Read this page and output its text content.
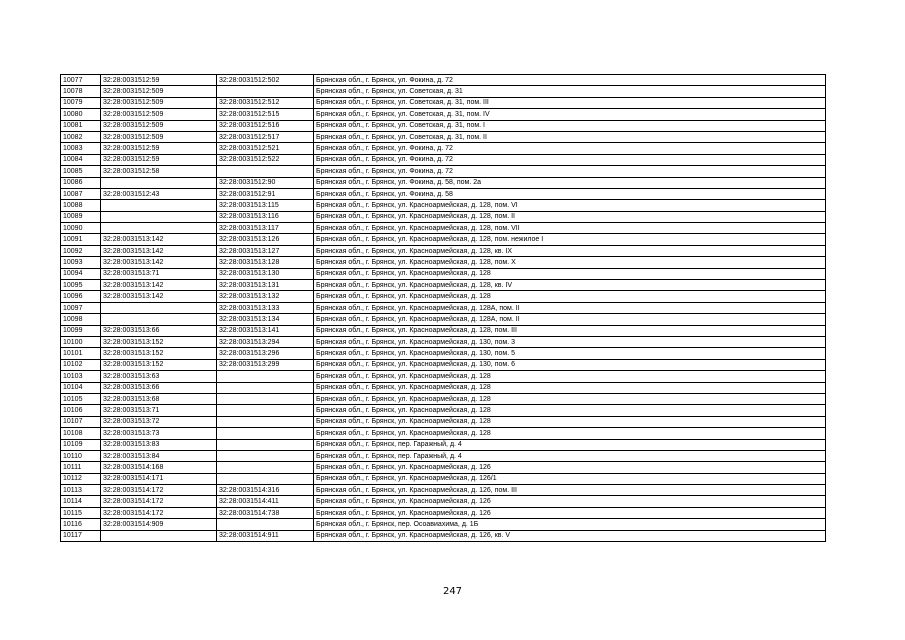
10077	32:28:0031512:59	32:28:0031512:502	Брянская обл., г. Брянск, ул. Фокина, д. 72
10078	32:28:0031512:509		Брянская обл., г. Брянск, ул. Советская, д. 31
10079	32:28:0031512:509	32:28:0031512:512	Брянская обл., г. Брянск, ул. Советская, д. 31, пом. III
10080	32:28:0031512:509	32:28:0031512:515	Брянская обл., г. Брянск, ул. Советская, д. 31, пом. IV
10081	32:28:0031512:509	32:28:0031512:516	Брянская обл., г. Брянск, ул. Советская, д. 31, пом. I
10082	32:28:0031512:509	32:28:0031512:517	Брянская обл., г. Брянск, ул. Советская, д. 31, пом. II
10083	32:28:0031512:59	32:28:0031512:521	Брянская обл., г. Брянск, ул. Фокина, д. 72
10084	32:28:0031512:59	32:28:0031512:522	Брянская обл., г. Брянск, ул. Фокина, д. 72
10085	32:28:0031512:58		Брянская обл., г. Брянск, ул. Фокина, д. 72
10086		32:28:0031512:90	Брянская обл., г. Брянск, ул. Фокина, д. 58, пом. 2а
10087	32:28:0031512:43	32:28:0031512:91	Брянская обл., г. Брянск, ул. Фокина, д. 58
10088		32:28:0031513:115	Брянская обл., г. Брянск, ул. Красноармейская, д. 128, пом. VI
10089		32:28:0031513:116	Брянская обл., г. Брянск, ул. Красноармейская, д. 128, пом. II
10090		32:28:0031513:117	Брянская обл., г. Брянск, ул. Красноармейская, д. 128, пом. VII
10091	32:28:0031513:142	32:28:0031513:126	Брянская обл., г. Брянск, ул. Красноармейская, д. 128, пом. нежилое I
10092	32:28:0031513:142	32:28:0031513:127	Брянская обл., г. Брянск, ул. Красноармейская, д. 128, кв. IX
10093	32:28:0031513:142	32:28:0031513:128	Брянская обл., г. Брянск, ул. Красноармейская, д. 128, пом. X
10094	32:28:0031513:71	32:28:0031513:130	Брянская обл., г. Брянск, ул. Красноармейская, д. 128
10095	32:28:0031513:142	32:28:0031513:131	Брянская обл., г. Брянск, ул. Красноармейская, д. 128, кв. IV
10096	32:28:0031513:142	32:28:0031513:132	Брянская обл., г. Брянск, ул. Красноармейская, д. 128
10097		32:28:0031513:133	Брянская обл., г. Брянск, ул. Красноармейская, д. 128А, пом. II
10098		32:28:0031513:134	Брянская обл., г. Брянск, ул. Красноармейская, д. 128А, пом. II
10099	32:28:0031513:66	32:28:0031513:141	Брянская обл., г. Брянск, ул. Красноармейская, д. 128, пом. III
10100	32:28:0031513:152	32:28:0031513:294	Брянская обл., г. Брянск, ул. Красноармейская, д. 130, пом. 3
10101	32:28:0031513:152	32:28:0031513:296	Брянская обл., г. Брянск, ул. Красноармейская, д. 130, пом. 5
10102	32:28:0031513:152	32:28:0031513:299	Брянская обл., г. Брянск, ул. Красноармейская, д. 130, пом. 6
10103	32:28:0031513:63		Брянская обл., г. Брянск, ул. Красноармейская, д. 128
10104	32:28:0031513:66		Брянская обл., г. Брянск, ул. Красноармейская, д. 128
10105	32:28:0031513:68		Брянская обл., г. Брянск, ул. Красноармейская, д. 128
10106	32:28:0031513:71		Брянская обл., г. Брянск, ул. Красноармейская, д. 128
10107	32:28:0031513:72		Брянская обл., г. Брянск, ул. Красноармейская, д. 128
10108	32:28:0031513:73		Брянская обл., г. Брянск, ул. Красноармейская, д. 128
10109	32:28:0031513:83		Брянская обл., г. Брянск, пер. Гаражный, д. 4
10110	32:28:0031513:84		Брянская обл., г. Брянск, пер. Гаражный, д. 4
10111	32:28:0031514:168		Брянская обл., г. Брянск, ул. Красноармейская, д. 126
10112	32:28:0031514:171		Брянская обл., г. Брянск, ул. Красноармейская, д. 126/1
10113	32:28:0031514:172	32:28:0031514:316	Брянская обл., г. Брянск, ул. Красноармейская, д. 126, пом. III
10114	32:28:0031514:172	32:28:0031514:411	Брянская обл., г. Брянск, ул. Красноармейская, д. 126
10115	32:28:0031514:172	32:28:0031514:738	Брянская обл., г. Брянск, ул. Красноармейская, д. 126
10116	32:28:0031514:909		Брянская обл., г. Брянск, пер. Осоавиахима, д. 1Б
10117		32:28:0031514:911	Брянская обл., г. Брянск, ул. Красноармейская, д. 126, кв. V
247
